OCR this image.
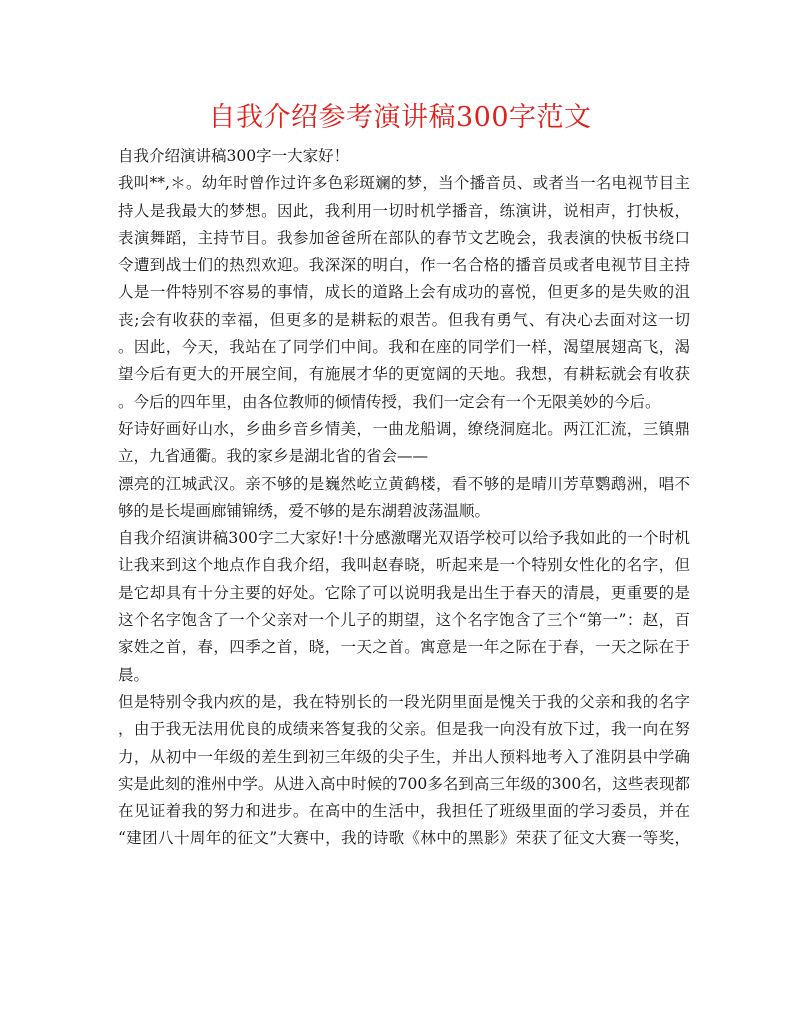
自我介绍参考演讲稿300字范文

自我介绍演讲稿300字一大家好！

我叫**,＊。幼年时曾作过许多色彩斑斓的梦，当个播音员、或者当一名电视节目主
持人是我最大的梦想。因此，我利用一切时机学播音，练演讲，说相声，打快板，
表演舞蹈，主持节目。我参加爸爸所在部队的春节文艺晚会，我表演的快板书绕口
令遭到战士们的热烈欢迎。我深深的明白，作一名合格的播音员或者电视节目主持
人是一件特别不容易的事情，成长的道路上会有成功的喜悦，但更多的是失败的沮
丧;会有收获的幸福，但更多的是耕耘的艰苦。但我有勇气、有决心去面对这一切
。因此，今天，我站在了同学们中间。我和在座的同学们一样，渴望展翅高飞，渴
望今后有更大的开展空间，有施展才华的更宽阔的天地。我想，有耕耘就会有收获
。今后的四年里，由各位教师的倾情传授，我们一定会有一个无限美妙的今后。

好诗好画好山水，乡曲乡音乡情美，一曲龙船调，缭绕洞庭北。两江汇流，三镇鼎
立，九省通衢。我的家乡是湖北省的省会——

漂亮的江城武汉。亲不够的是巍然屹立黄鹤楼，看不够的是晴川芳草鹦鹉洲，唱不
够的是长堤画廊铺锦绣，爱不够的是东湖碧波荡温顺。

自我介绍演讲稿300字二大家好!十分感激曙光双语学校可以给予我如此的一个时机
让我来到这个地点作自我介绍，我叫赵春晓，听起来是一个特别女性化的名字，但
是它却具有十分主要的好处。它除了可以说明我是出生于春天的清晨，更重要的是
这个名字饱含了一个父亲对一个儿子的期望，这个名字饱含了三个“第一”：赵，百
家姓之首，春，四季之首，晓，一天之首。寓意是一年之际在于春，一天之际在于
晨。

但是特别令我内疚的是，我在特别长的一段光阴里面是愧关于我的父亲和我的名字
，由于我无法用优良的成绩来答复我的父亲。但是我一向没有放下过，我一向在努
力，从初中一年级的差生到初三年级的尖子生，并出人预料地考入了淮阴县中学确
实是此刻的淮州中学。从进入高中时候的700多名到高三年级的300名，这些表现都
在见证着我的努力和进步。在高中的生活中，我担任了班级里面的学习委员，并在
“建团八十周年的征文”大赛中，我的诗歌《林中的黑影》荣获了征文大赛一等奖，
